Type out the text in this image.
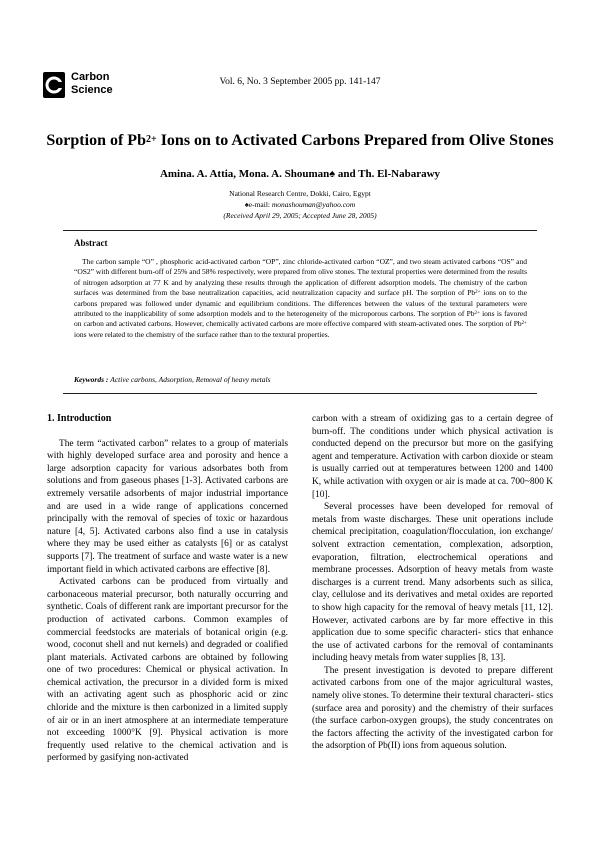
Carbon
Science
Vol. 6, No. 3 September 2005 pp. 141-147
Sorption of $Pb^{2+}$ Ions on to Activated Carbons Prepared from Olive Stones
Amina. A. Attia, Mona. A. Shouman♠ and Th. El-Nabarawy
National Research Centre, Dokki, Cairo, Egypt
♠e-mail: monashouman@yahoo.com
(Received April 29, 2005; Accepted June 28, 2005)
Abstract
The carbon sample “O” , phosphoric acid-activated carbon “OP”, zinc chloride-activated carbon “OZ”, and two steam activated carbons “OS” and “OS2” with different burn-off of 25% and 58% respectively, were prepared from olive stones. The textural properties were determined from the results of nitrogen adsorption at 77 K and by analyzing these results through the application of different adsorption models. The chemistry of the carbon surfaces was determined from the base neutralization capacities, acid neutralization capacity and surface pH. The sorption of $Pb^{2+}$ ions on to the carbons prepared was followed under dynamic and equilibrium conditions. The differences between the values of the textural parameters were attributed to the inapplicability of some adsorption models and to the heterogeneity of the microporous carbons. The sorption of $Pb^{2+}$ ions is favored on carbon and activated carbons. However, chemically activated carbons are more effective compared with steam-activated ones. The sorption of $Pb^{2+}$ ions were related to the chemistry of the surface rather than to the textural properties.
Keywords : Active carbons, Adsorption, Removal of heavy metals

1. Introduction

The term “activated carbon” relates to a group of materials with highly developed surface area and porosity and hence a large adsorption capacity for various adsorbates both from solutions and from gaseous phases [1-3]. Activated carbons are extremely versatile adsorbents of major industrial importance and are used in a wide range of applications concerned principally with the removal of species of toxic or hazardous nature [4, 5]. Activated carbons also find a use in catalysis where they may be used either as catalysts [6] or as catalyst supports [7]. The treatment of surface and waste water is a new important field in which activated carbons are effective [8].

Activated carbons can be produced from virtually and carbonaceous material precursor, both naturally occurring and synthetic. Coals of different rank are important precursor for the production of activated carbons. Common examples of commercial feedstocks are materials of botanical origin (e.g. wood, coconut shell and nut kernels) and degraded or coalified plant materials. Activated carbons are obtained by following one of two procedures: Chemical or physical activation. In chemical activation, the precursor in a divided form is mixed with an activating agent such as phosphoric acid or zinc chloride and the mixture is then carbonized in a limited supply of air or in an inert atmosphere at an intermediate temperature not exceeding 1000°K [9]. Physical activation is more frequently used relative to the chemical activation and is performed by gasifying non-activated

carbon with a stream of oxidizing gas to a certain degree of burn-off. The conditions under which physical activation is conducted depend on the precursor but more on the gasifying agent and temperature. Activation with carbon dioxide or steam is usually carried out at temperatures between 1200 and 1400 K, while activation with oxygen or air is made at ca. 700~800 K [10].

Several processes have been developed for removal of metals from waste discharges. These unit operations include chemical precipitation, coagulation/flocculation, ion exchange/ solvent extraction cementation, complexation, adsorption, evaporation, filtration, electrochemical operations and membrane processes. Adsorption of heavy metals from waste discharges is a current trend. Many adsorbents such as silica, clay, cellulose and its derivatives and metal oxides are reported to show high capacity for the removal of heavy metals [11, 12]. However, activated carbons are by far more effective in this application due to some specific characteri- stics that enhance the use of activated carbons for the removal of contaminants including heavy metals from water supplies [8, 13].

The present investigation is devoted to prepare different activated carbons from one of the major agricultural wastes, namely olive stones. To determine their textural characteri- stics (surface area and porosity) and the chemistry of their surfaces (the surface carbon-oxygen groups), the study concentrates on the factors affecting the activity of the investigated carbon for the adsorption of Pb(II) ions from aqueous solution.
